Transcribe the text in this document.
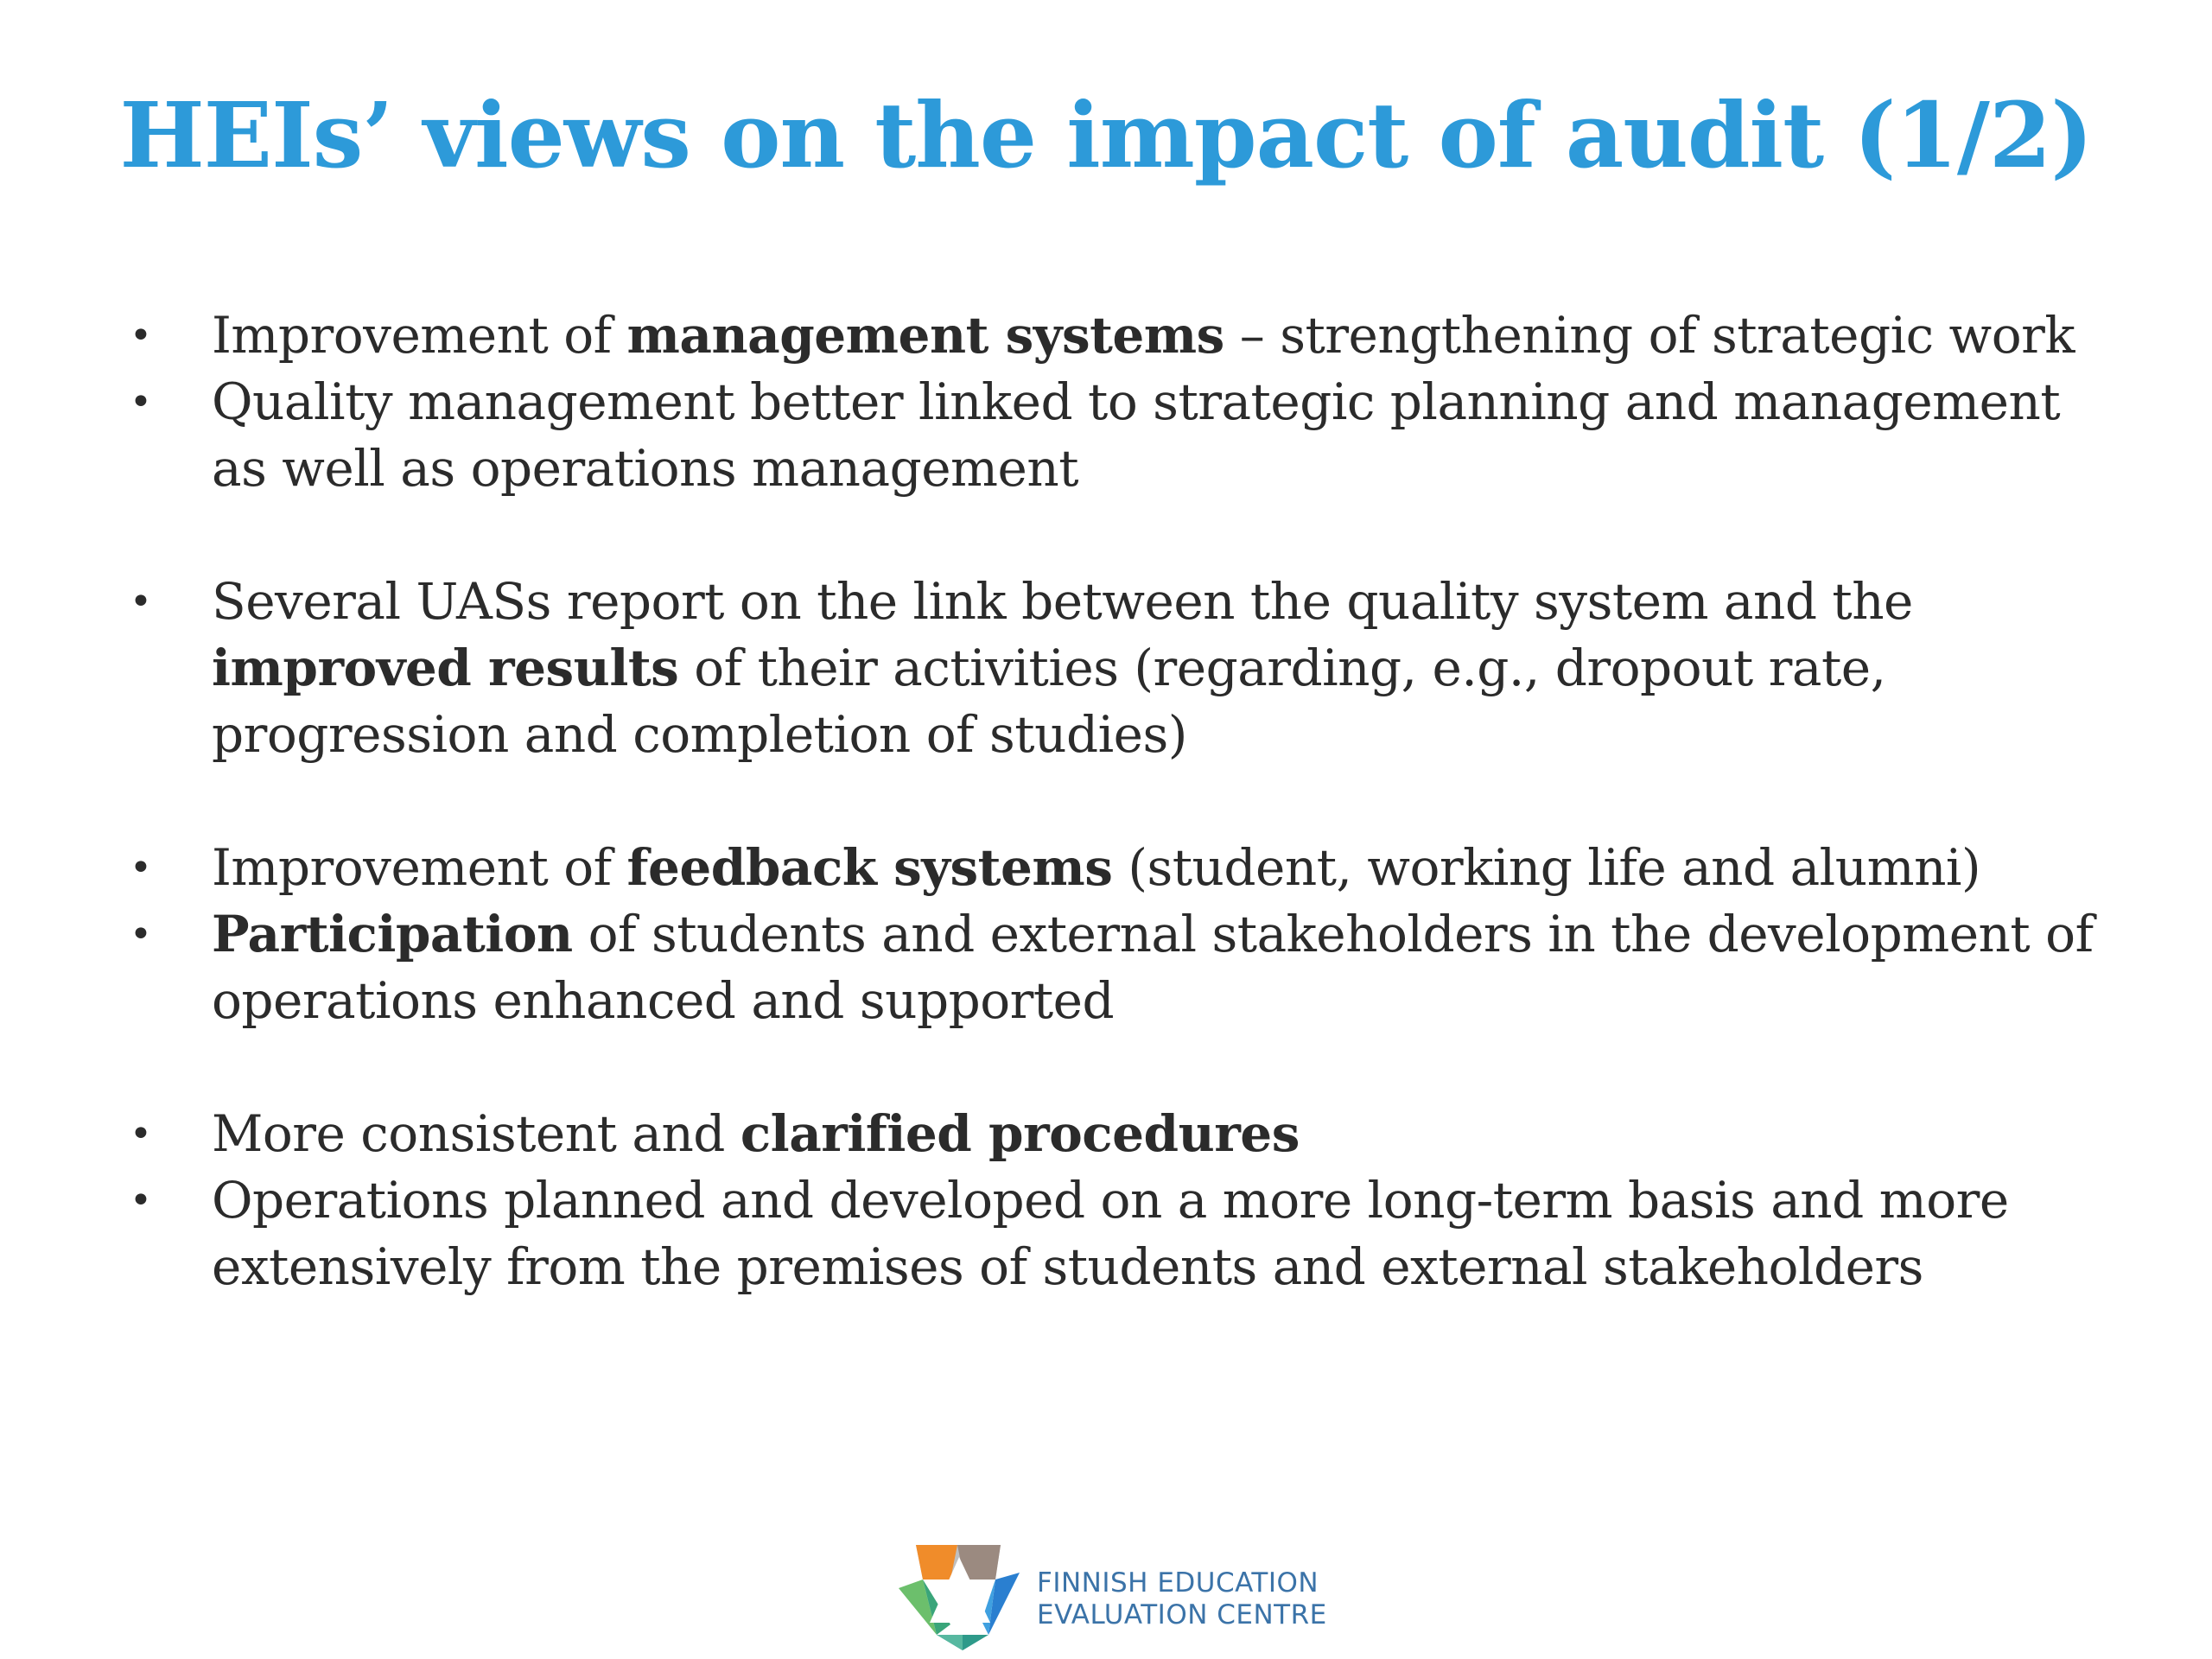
HEIs’ views on the impact of audit (1/2)
• Improvement of management systems – strengthening of strategic work
• Quality management better linked to strategic planning and management as well as operations management
• Several UASs report on the link between the quality system and the improved results of their activities (regarding, e.g., dropout rate, progression and completion of studies)
• Improvement of feedback systems (student, working life and alumni)
• Participation of students and external stakeholders in the development of operations enhanced and supported
• More consistent and clarified procedures
• Operations planned and developed on a more long-term basis and more extensively from the premises of students and external stakeholders
FINNISH EDUCATION
EVALUATION CENTRE
